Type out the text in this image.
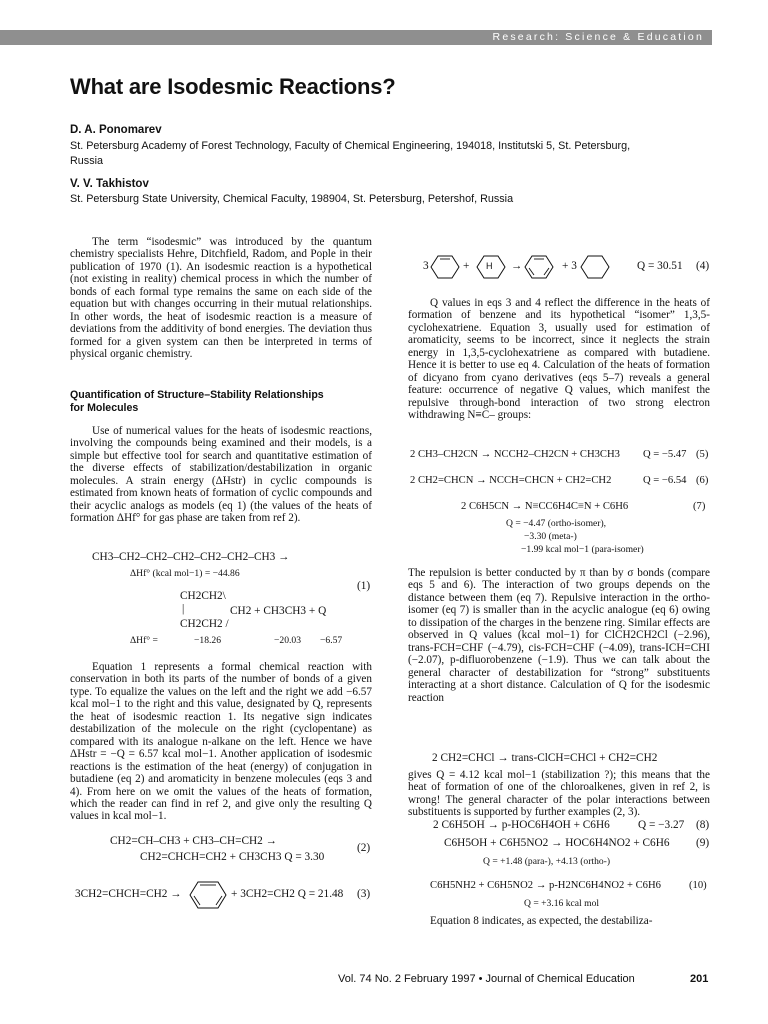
Research: Science & Education
What are Isodesmic Reactions?
D. A. Ponomarev
St. Petersburg Academy of Forest Technology, Faculty of Chemical Engineering, 194018, Institutski 5, St. Petersburg,
Russia
V. V. Takhistov
St. Petersburg State University, Chemical Faculty, 198904, St. Petersburg, Petershof, Russia

The term “isodesmic” was introduced by the quantum chemistry specialists Hehre, Ditchfield, Radom, and Pople in their publication of 1970 (1). An isodesmic reaction is a hypothetical (not existing in reality) chemical process in which the number of bonds of each formal type remains the same on each side of the equation but with changes occurring in their mutual relationships. In other words, the heat of isodesmic reaction is a measure of deviations from the additivity of bond energies. The deviation thus formed for a given system can then be interpreted in terms of physical organic chemistry.

Quantification of Structure–Stability Relationships
for Molecules

Use of numerical values for the heats of isodesmic reactions, involving the compounds being examined and their models, is a simple but effective tool for search and quantitative estimation of the diverse effects of stabilization/destabilization in organic molecules. A strain energy (ΔHstr) in cyclic compounds is estimated from known heats of formation of cyclic compounds and their acyclic analogs as models (eq 1) (the values of the heats of formation ΔHf° for gas phase are taken from ref 2).

CH3–CH2–CH2–CH2–CH2–CH2–CH3 →
ΔHf° (kcal mol−1) = −44.86
(1)
CH2CH2\
|	CH2 + CH3CH3 + Q
CH2CH2 /
ΔHf° =	−18.26	−20.03 −6.57

Equation 1 represents a formal chemical reaction with conservation in both its parts of the number of bonds of a given type. To equalize the values on the left and the right we add −6.57 kcal mol−1 to the right and this value, designated by Q, represents the heat of isodesmic reaction 1. Its negative sign indicates destabilization of the molecule on the right (cyclopentane) as compared with its analogue n-alkane on the left. Hence we have ΔHstr = −Q = 6.57 kcal mol−1. Another application of isodesmic reactions is the estimation of the heat (energy) of conjugation in butadiene (eq 2) and aromaticity in benzene molecules (eqs 3 and 4). From here on we omit the values of the heats of formation, which the reader can find in ref 2, and give only the resulting Q values in kcal mol−1.

CH2=CH–CH3 + CH3–CH=CH2 →
CH2=CHCH=CH2 + CH3CH3 Q = 3.30
(2)
3CH2=CHCH=CH2 →	+ 3CH2=CH2 Q = 21.48 (3)
3	+ H →	+ 3	Q = 30.51 (4)

Q values in eqs 3 and 4 reflect the difference in the heats of formation of benzene and its hypothetical “isomer” 1,3,5-cyclohexatriene. Equation 3, usually used for estimation of aromaticity, seems to be incorrect, since it neglects the strain energy in 1,3,5-cyclohexatriene as compared with butadiene. Hence it is better to use eq 4. Calculation of the heats of formation of dicyano from cyano derivatives (eqs 5–7) reveals a general feature: occurrence of negative Q values, which manifest the repulsive through-bond interaction of two strong electron withdrawing N≡C– groups:

2 CH3–CH2CN → NCCH2–CH2CN + CH3CH3 Q = −5.47 (5)
2 CH2=CHCN → NCCH=CHCN + CH2=CH2	Q = −6.54 (6)
2 C6H5CN → N≡CC6H4C≡N + C6H6	(7)
Q = −4.47 (ortho-isomer),
−3.30 (meta-)
−1.99 kcal mol−1 (para-isomer)

The repulsion is better conducted by π than by σ bonds (compare eqs 5 and 6). The interaction of two groups depends on the distance between them (eq 7). Repulsive interaction in the ortho-isomer (eq 7) is smaller than in the acyclic analogue (eq 6) owing to dissipation of the charges in the benzene ring. Similar effects are observed in Q values (kcal mol−1) for ClCH2CH2Cl (−2.96), trans-FCH=CHF (−4.79), cis-FCH=CHF (−4.09), trans-ICH=CHI (−2.07), p-difluorobenzene (−1.9). Thus we can talk about the general character of destabilization for “strong” substituents interacting at a short distance. Calculation of Q for the isodesmic reaction

2 CH2=CHCl → trans-ClCH=CHCl + CH2=CH2

gives Q = 4.12 kcal mol−1 (stabilization ?); this means that the heat of formation of one of the chloroalkenes, given in ref 2, is wrong! The general character of the polar interactions between substituents is supported by further examples (2, 3).

2 C6H5OH → p-HOC6H4OH + C6H6 Q = −3.27 (8)
C6H5OH + C6H5NO2 → HOC6H4NO2 + C6H6 (9)
Q = +1.48 (para-), +4.13 (ortho-)
C6H5NH2 + C6H5NO2 → p-H2NC6H4NO2 + C6H6	(10)
Q = +3.16 kcal mol

Equation 8 indicates, as expected, the destabiliza-

Vol. 74 No. 2 February 1997 • Journal of Chemical Education	201
